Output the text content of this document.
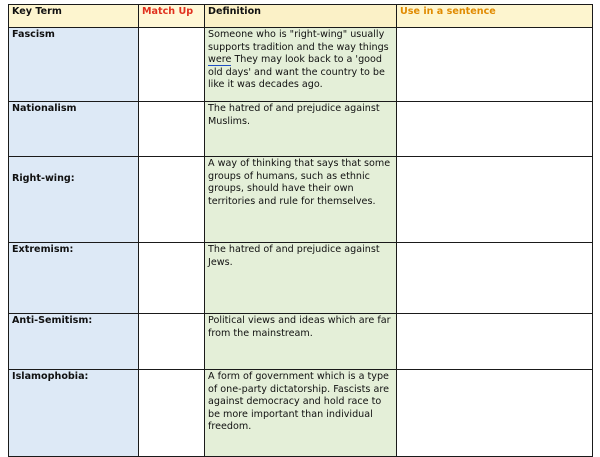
Key Term	Match Up	Definition	Use in a sentence
Fascism		Someone who is "right-wing" usually supports tradition and the way things were They may look back to a 'good old days' and want the country to be like it was decades ago.	
Nationalism		The hatred of and prejudice against Muslims.	
Right-wing:		A way of thinking that says that some groups of humans, such as ethnic groups, should have their own territories and rule for themselves.	
Extremism:		The hatred of and prejudice against Jews.	
Anti-Semitism:		Political views and ideas which are far from the mainstream.	
Islamophobia:		A form of government which is a type of one-party dictatorship. Fascists are against democracy and hold race to be more important than individual freedom.	
